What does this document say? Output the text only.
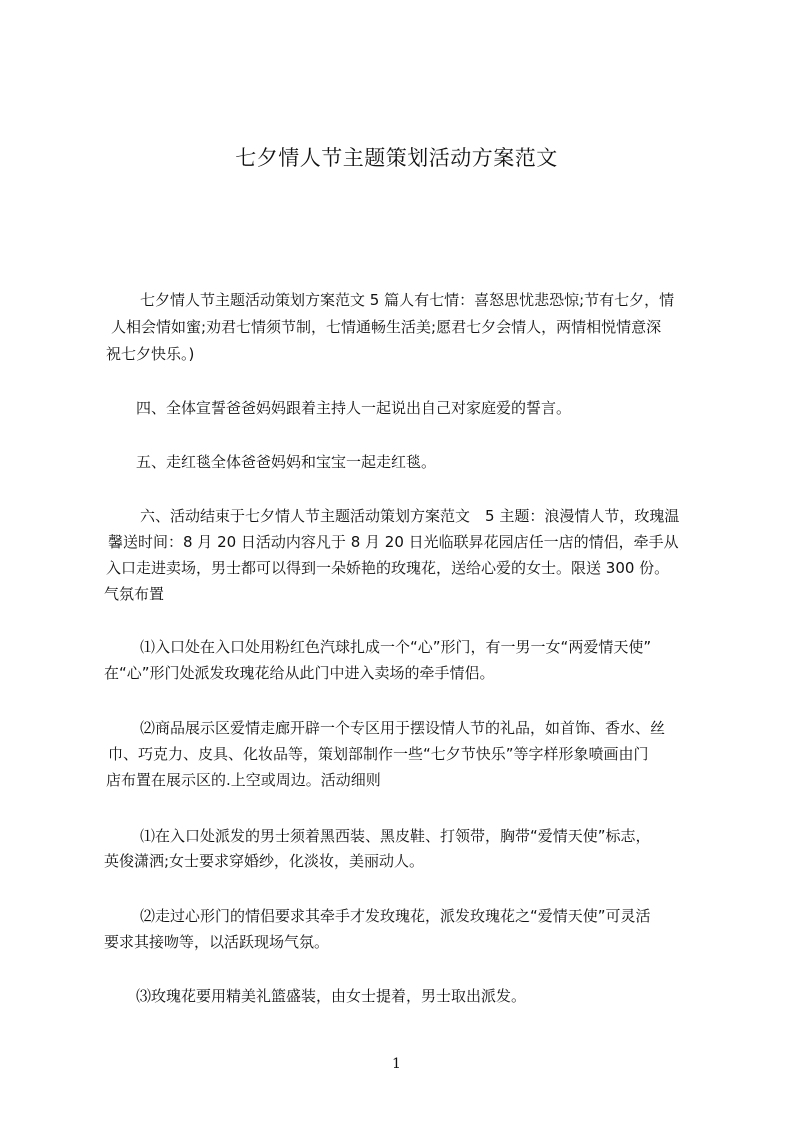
七夕情人节主题策划活动方案范文

七夕情人节主题活动策划方案范文 5 篇人有七情：喜怒思忧悲恐惊;节有七夕，情

人相会情如蜜;劝君七情须节制，七情通畅生活美;愿君七夕会情人，两情相悦情意深

祝七夕快乐。)

四、全体宣誓爸爸妈妈跟着主持人一起说出自己对家庭爱的誓言。

五、走红毯全体爸爸妈妈和宝宝一起走红毯。

六、活动结束于七夕情人节主题活动策划方案范文　5 主题：浪漫情人节，玫瑰温

馨送时间：8 月 20 日活动内容凡于 8 月 20 日光临联昇花园店任一店的情侣，牵手从

入口走进卖场，男士都可以得到一朵娇艳的玫瑰花，送给心爱的女士。限送 300 份。

气氛布置

⑴入口处在入口处用粉红色汽球扎成一个“心”形门，有一男一女“两爱情天使”

在“心”形门处派发玫瑰花给从此门中进入卖场的牵手情侣。

⑵商品展示区爱情走廊开辟一个专区用于摆设情人节的礼品，如首饰、香水、丝

巾、巧克力、皮具、化妆品等，策划部制作一些“七夕节快乐”等字样形象喷画由门

店布置在展示区的.上空或周边。活动细则

⑴在入口处派发的男士须着黑西装、黑皮鞋、打领带，胸带“爱情天使”标志，

英俊潇洒;女士要求穿婚纱，化淡妆，美丽动人。

⑵走过心形门的情侣要求其牵手才发玫瑰花，派发玫瑰花之“爱情天使”可灵活

要求其接吻等，以活跃现场气氛。

⑶玫瑰花要用精美礼篮盛装，由女士提着，男士取出派发。

1
